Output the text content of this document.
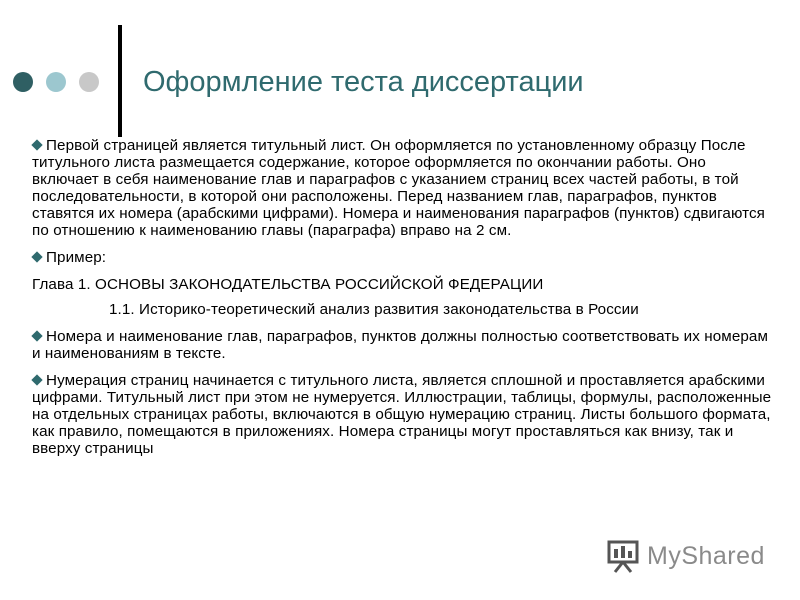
Оформление теста диссертации

Первой страницей является титульный лист. Он оформляется по установленному образцу После титульного листа размещается содержание, которое оформляется по окончании работы. Оно включает в себя наименование глав и параграфов с указанием страниц всех частей работы, в той последовательности, в которой они расположены. Перед названием глав, параграфов, пунктов ставятся их номера (арабскими цифрами). Номера и наименования параграфов (пунктов) сдвигаются по отношению к наименованию главы (параграфа) вправо на 2 см.

Пример:

Глава 1. ОСНОВЫ ЗАКОНОДАТЕЛЬСТВА РОССИЙСКОЙ ФЕДЕРАЦИИ

1.1. Историко-теоретический анализ развития законодательства в России

Номера и наименование глав, параграфов, пунктов должны полностью соответствовать их номерам и наименованиям в тексте.

Нумерация страниц начинается с титульного листа, является сплошной и проставляется арабскими цифрами. Титульный лист при этом не нумеруется. Иллюстрации, таблицы, формулы, расположенные на отдельных страницах работы, включаются в общую нумерацию страниц. Листы большого формата, как правило, помещаются в приложениях. Номера страницы могут проставляться как внизу, так и вверху страницы

MyShared
